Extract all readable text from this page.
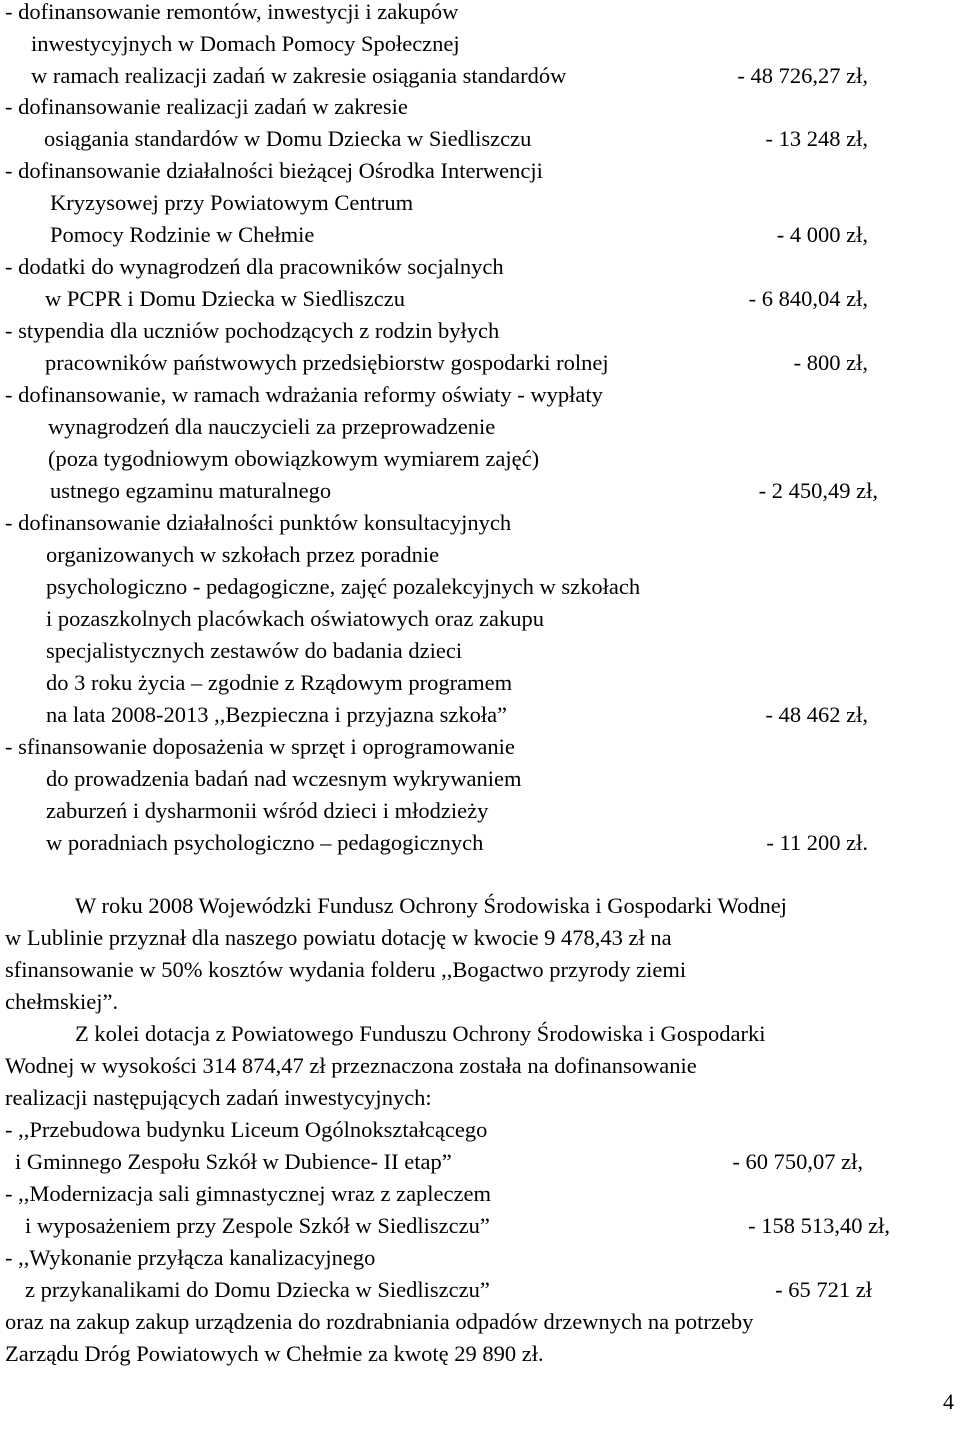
- dofinansowanie remontów, inwestycji i zakupów
inwestycyjnych w Domach Pomocy Społecznej
w ramach realizacji zadań w zakresie osiągania standardów	- 48 726,27 zł,
- dofinansowanie realizacji zadań w zakresie
osiągania standardów w Domu Dziecka w Siedliszczu	- 13 248 zł,
- dofinansowanie działalności bieżącej Ośrodka Interwencji
Kryzysowej przy Powiatowym Centrum
Pomocy Rodzinie w Chełmie	- 4 000 zł,
- dodatki do wynagrodzeń dla pracowników socjalnych
w PCPR i Domu Dziecka w Siedliszczu	- 6 840,04 zł,
- stypendia dla uczniów pochodzących z rodzin byłych
pracowników państwowych przedsiębiorstw gospodarki rolnej	- 800 zł,
- dofinansowanie, w ramach wdrażania reformy oświaty - wypłaty
wynagrodzeń dla nauczycieli za przeprowadzenie
(poza tygodniowym obowiązkowym wymiarem zajęć)
ustnego egzaminu maturalnego	- 2 450,49 zł,
- dofinansowanie działalności punktów konsultacyjnych
organizowanych w szkołach przez poradnie
psychologiczno - pedagogiczne, zajęć pozalekcyjnych w szkołach
i pozaszkolnych placówkach oświatowych oraz zakupu
specjalistycznych zestawów do badania dzieci
do 3 roku życia – zgodnie z Rządowym programem
na lata 2008-2013 ,,Bezpieczna i przyjazna szkoła”	- 48 462 zł,
- sfinansowanie doposażenia w sprzęt i oprogramowanie
do prowadzenia badań nad wczesnym wykrywaniem
zaburzeń i dysharmonii wśród dzieci i młodzieży
w poradniach psychologiczno – pedagogicznych	- 11 200 zł.
W roku 2008 Wojewódzki Fundusz Ochrony Środowiska i Gospodarki Wodnej
w Lublinie przyznał dla naszego powiatu dotację w kwocie 9 478,43 zł na
sfinansowanie w 50% kosztów wydania folderu ,,Bogactwo przyrody ziemi
chełmskiej”.
Z kolei dotacja z Powiatowego Funduszu Ochrony Środowiska i Gospodarki
Wodnej w wysokości 314 874,47 zł przeznaczona została na dofinansowanie
realizacji następujących zadań inwestycyjnych:
- ,,Przebudowa budynku Liceum Ogólnokształcącego
i Gminnego Zespołu Szkół w Dubience- II etap”	- 60 750,07 zł,
- ,,Modernizacja sali gimnastycznej wraz z zapleczem
i wyposażeniem przy Zespole Szkół w Siedliszczu”	- 158 513,40 zł,
- ,,Wykonanie przyłącza kanalizacyjnego
z przykanalikami do Domu Dziecka w Siedliszczu”	- 65 721 zł
oraz na zakup zakup urządzenia do rozdrabniania odpadów drzewnych na potrzeby
Zarządu Dróg Powiatowych w Chełmie za kwotę 29 890 zł.
4
